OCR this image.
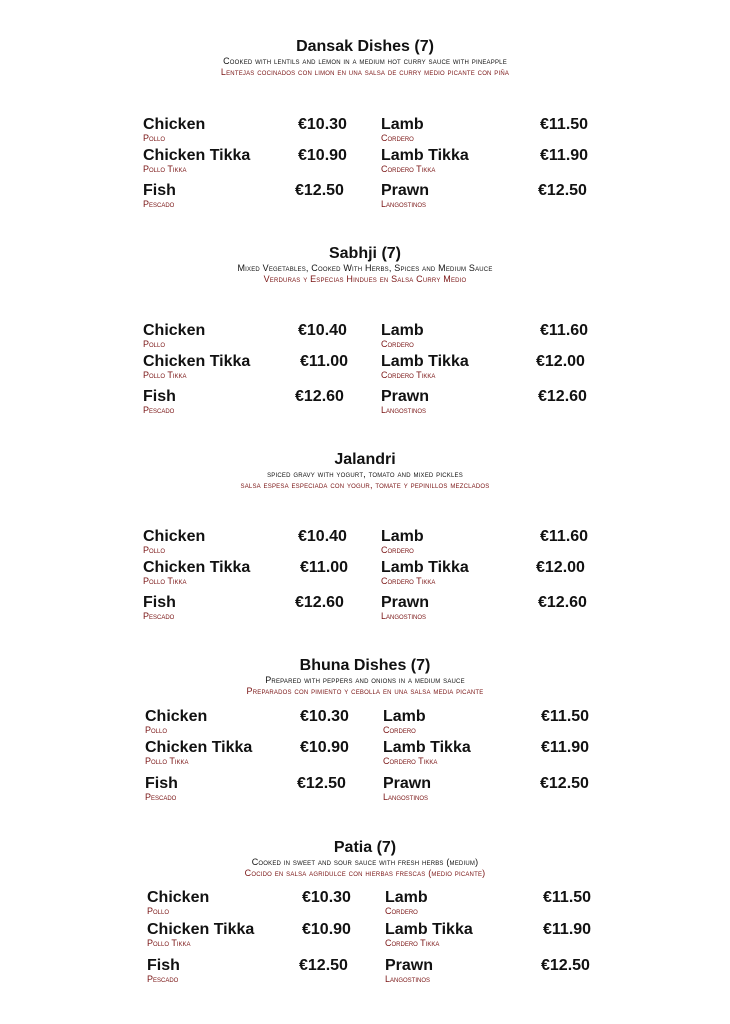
Dansak Dishes (7)
Cooked with lentils and lemon in a medium hot curry sauce with pineapple
Lentejas cocinados con limon en una salsa de curry medio picante con piña
Chicken
Pollo
€10.30 Lamb
Cordero
€11.50
Chicken Tikka
Pollo Tikka
€10.90 Lamb Tikka
Cordero Tikka
€11.90
Fish
Pescado
€12.50 Prawn
Langostinos
€12.50
Sabhji (7)
Mixed Vegetables, Cooked With Herbs, Spices and Medium Sauce
Verduras y Especias Hindues en Salsa Curry Medio
Chicken
Pollo
€10.40 Lamb
Cordero
€11.60
Chicken Tikka
Pollo Tikka
€11.00 Lamb Tikka
Cordero Tikka
€12.00
Fish
Pescado
€12.60 Prawn
Langostinos
€12.60
Jalandri
spiced gravy with yogurt, tomato and mixed pickles
salsa espesa especiada con yogur, tomate y pepinillos mezclados
Chicken
Pollo
€10.40 Lamb
Cordero
€11.60
Chicken Tikka
Pollo Tikka
€11.00 Lamb Tikka
Cordero Tikka
€12.00
Fish
Pescado
€12.60 Prawn
Langostinos
€12.60
Bhuna Dishes (7)
Prepared with peppers and onions in a medium sauce
Preparados con pimiento y cebolla en una salsa media picante
Chicken
Pollo
€10.30 Lamb
Cordero
€11.50
Chicken Tikka
Pollo Tikka
€10.90 Lamb Tikka
Cordero Tikka
€11.90
Fish
Pescado
€12.50 Prawn
Langostinos
€12.50
Patia (7)
Cooked in sweet and sour sauce with fresh herbs (medium)
Cocido en salsa agridulce con hierbas frescas (medio picante)
Chicken
Pollo
€10.30 Lamb
Cordero
€11.50
Chicken Tikka
Pollo Tikka
€10.90 Lamb Tikka
Cordero Tikka
€11.90
Fish
Pescado
€12.50 Prawn
Langostinos
€12.50
